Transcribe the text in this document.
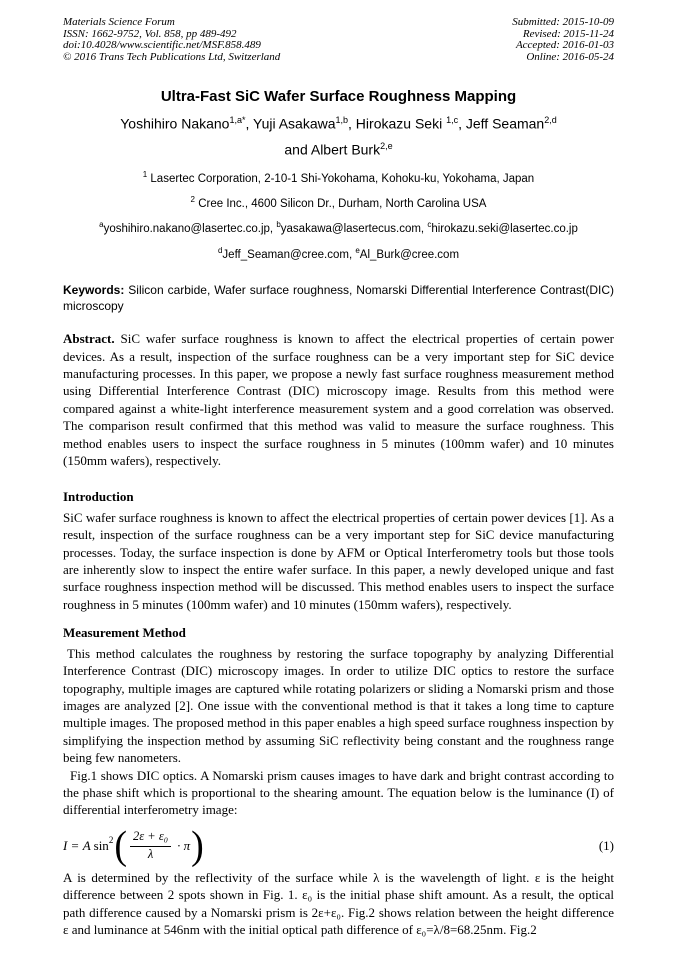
Materials Science Forum
ISSN: 1662-9752, Vol. 858, pp 489-492
doi:10.4028/www.scientific.net/MSF.858.489
© 2016 Trans Tech Publications Ltd, Switzerland
Submitted: 2015-10-09
Revised: 2015-11-24
Accepted: 2016-01-03
Online: 2016-05-24
Ultra-Fast SiC Wafer Surface Roughness Mapping
Yoshihiro Nakano$^{1,a*}$, Yuji Asakawa$^{1,b}$, Hirokazu Seki $^{1,c}$, Jeff Seaman$^{2,d}$
and Albert Burk$^{2,e}$
$^1$ Lasertec Corporation, 2-10-1 Shi-Yokohama, Kohoku-ku, Yokohama, Japan
$^2$ Cree Inc., 4600 Silicon Dr., Durham, North Carolina USA
$^a$yoshihiro.nakano@lasertec.co.jp, $^b$yasakawa@lasertecus.com, $^c$hirokazu.seki@lasertec.co.jp
$^d$Jeff_Seaman@cree.com, $^e$Al_Burk@cree.com
Keywords: Silicon carbide, Wafer surface roughness, Nomarski Differential Interference Contrast(DIC) microscopy

Abstract. SiC wafer surface roughness is known to affect the electrical properties of certain power devices. As a result, inspection of the surface roughness can be a very important step for SiC device manufacturing processes. In this paper, we propose a newly fast surface roughness measurement method using Differential Interference Contrast (DIC) microscopy image. Results from this method were compared against a white-light interference measurement system and a good correlation was observed. The comparison result confirmed that this method was valid to measure the surface roughness. This method enables users to inspect the surface roughness in 5 minutes (100mm wafer) and 10 minutes (150mm wafers), respectively.

Introduction

SiC wafer surface roughness is known to affect the electrical properties of certain power devices [1]. As a result, inspection of the surface roughness can be a very important step for SiC device manufacturing processes. Today, the surface inspection is done by AFM or Optical Interferometry tools but those tools are inherently slow to inspect the entire wafer surface. In this paper, a newly developed unique and fast surface roughness inspection method will be discussed. This method enables users to inspect the surface roughness in 5 minutes (100mm wafer) and 10 minutes (150mm wafers), respectively.

Measurement Method

This method calculates the roughness by restoring the surface topography by analyzing Differential Interference Contrast (DIC) microscopy images. In order to utilize DIC optics to restore the surface topography, multiple images are captured while rotating polarizers or sliding a Nomarski prism and those images are analyzed [2]. One issue with the conventional method is that it takes a long time to capture multiple images. The proposed method in this paper enables a high speed surface roughness inspection by simplifying the inspection method by assuming SiC reflectivity being constant and the roughness range being few nanometers.

Fig.1 shows DIC optics. A Nomarski prism causes images to have dark and bright contrast according to the phase shift which is proportional to the shearing amount. The equation below is the luminance (I) of differential interferometry image:

I = A sin 2 ( $\frac{\text{2ε + ε₀}}{\lambda} \cdot \pi$ )	(1)

A is determined by the reflectivity of the surface while λ is the wavelength of light. ε is the height difference between 2 spots shown in Fig. 1. ε₀ is the initial phase shift amount. As a result, the optical path difference caused by a Nomarski prism is 2ε+ε₀. Fig.2 shows relation between the height difference ε and luminance at 546nm with the initial optical path difference of ε₀=λ/8=68.25nm. Fig.2
